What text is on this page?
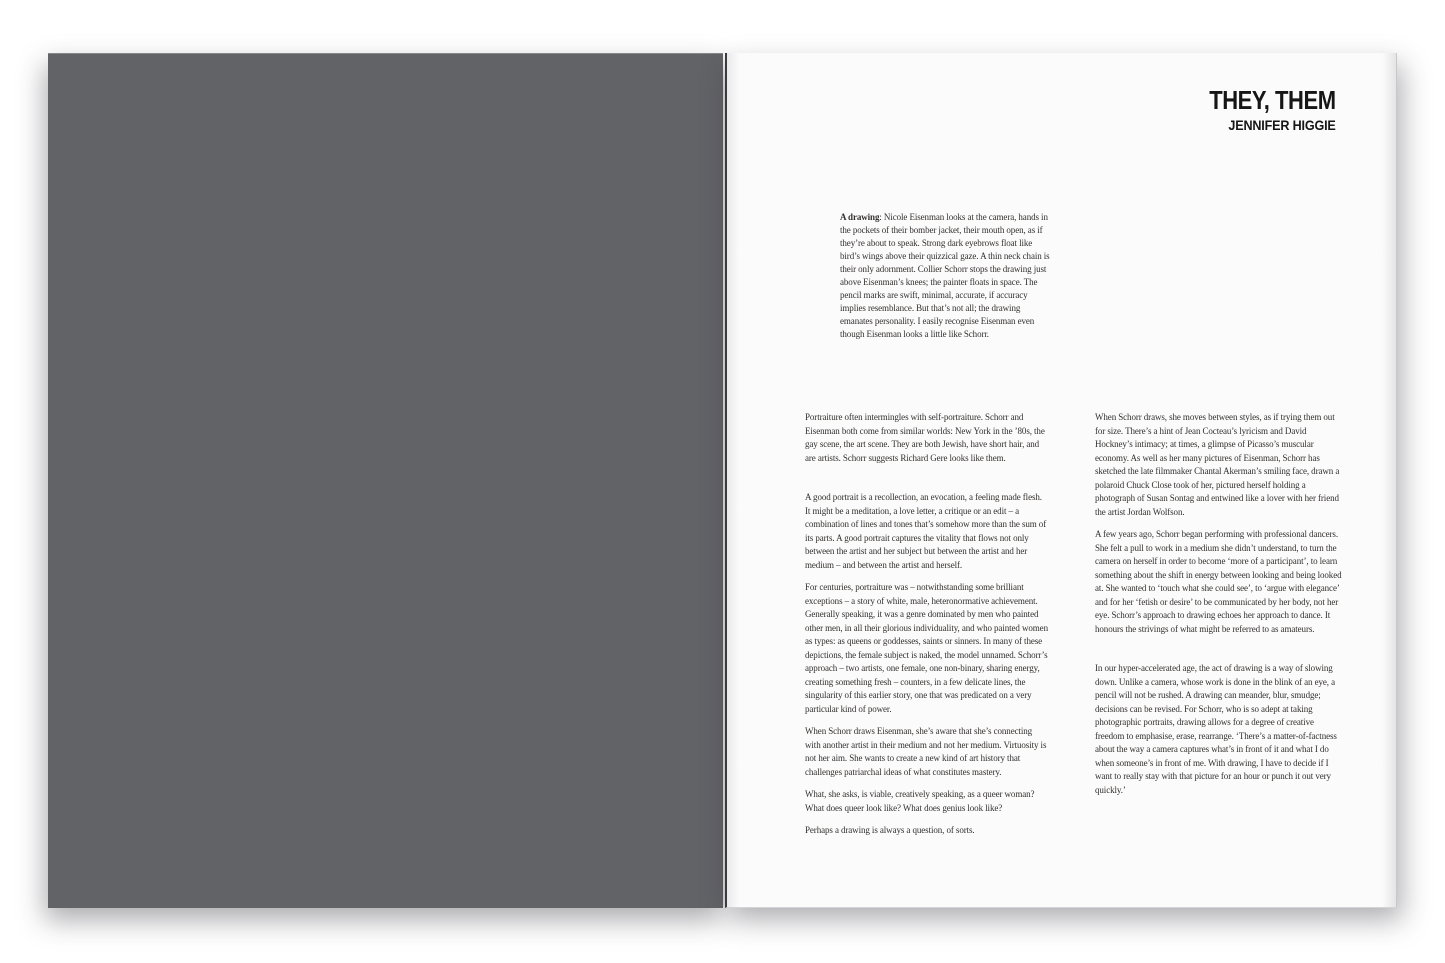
THEY, THEM
JENNIFER HIGGIE

A drawing: Nicole Eisenman looks at the camera, hands in the pockets of their bomber jacket, their mouth open, as if they’re about to speak. Strong dark eyebrows float like bird’s wings above their quizzical gaze. A thin neck chain is their only adornment. Collier Schorr stops the drawing just above Eisenman’s knees; the painter floats in space. The pencil marks are swift, minimal, accurate, if accuracy implies resemblance. But that’s not all; the drawing emanates personality. I easily recognise Eisenman even though Eisenman looks a little like Schorr.

Portraiture often intermingles with self-portraiture. Schorr and Eisenman both come from similar worlds: New York in the ’80s, the gay scene, the art scene. They are both Jewish, have short hair, and are artists. Schorr suggests Richard Gere looks like them.

A good portrait is a recollection, an evocation, a feeling made flesh. It might be a meditation, a love letter, a critique or an edit – a combination of lines and tones that’s somehow more than the sum of its parts. A good portrait captures the vitality that flows not only between the artist and her subject but between the artist and her medium – and between the artist and herself.

For centuries, portraiture was – notwithstanding some brilliant exceptions – a story of white, male, heteronormative achievement. Generally speaking, it was a genre dominated by men who painted other men, in all their glorious individuality, and who painted women as types: as queens or goddesses, saints or sinners. In many of these depictions, the female subject is naked, the model unnamed. Schorr’s approach – two artists, one female, one non-binary, sharing energy, creating something fresh – counters, in a few delicate lines, the singularity of this earlier story, one that was predicated on a very particular kind of power.

When Schorr draws Eisenman, she’s aware that she’s connecting with another artist in their medium and not her medium. Virtuosity is not her aim. She wants to create a new kind of art history that challenges patriarchal ideas of what constitutes mastery.

What, she asks, is viable, creatively speaking, as a queer woman? What does queer look like? What does genius look like?

Perhaps a drawing is always a question, of sorts.

When Schorr draws, she moves between styles, as if trying them out for size. There’s a hint of Jean Cocteau’s lyricism and David Hockney’s intimacy; at times, a glimpse of Picasso’s muscular economy. As well as her many pictures of Eisenman, Schorr has sketched the late filmmaker Chantal Akerman’s smiling face, drawn a polaroid Chuck Close took of her, pictured herself holding a photograph of Susan Sontag and entwined like a lover with her friend the artist Jordan Wolfson.

A few years ago, Schorr began performing with professional dancers. She felt a pull to work in a medium she didn’t understand, to turn the camera on herself in order to become ‘more of a participant’, to learn something about the shift in energy between looking and being looked at. She wanted to ‘touch what she could see’, to ‘argue with elegance’ and for her ‘fetish or desire’ to be communicated by her body, not her eye. Schorr’s approach to drawing echoes her approach to dance. It honours the strivings of what might be referred to as amateurs.

In our hyper-accelerated age, the act of drawing is a way of slowing down. Unlike a camera, whose work is done in the blink of an eye, a pencil will not be rushed. A drawing can meander, blur, smudge; decisions can be revised. For Schorr, who is so adept at taking photographic portraits, drawing allows for a degree of creative freedom to emphasise, erase, rearrange. ‘There’s a matter-of-factness about the way a camera captures what’s in front of it and what I do when someone’s in front of me. With drawing, I have to decide if I want to really stay with that picture for an hour or punch it out very quickly.’
